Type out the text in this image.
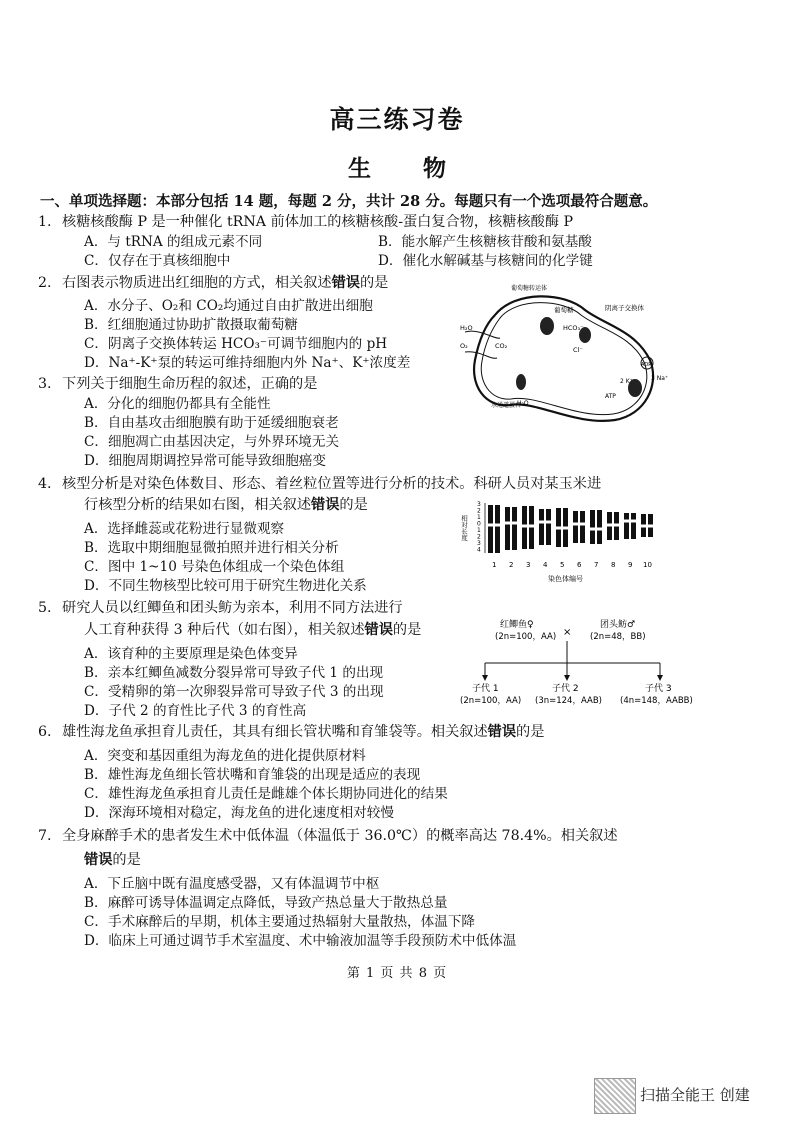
高三练习卷
生 物
一、单项选择题：本部分包括 14 题，每题 2 分，共计 28 分。每题只有一个选项最符合题意。
1. 核糖核酸酶 P 是一种催化 tRNA 前体加工的核糖核酸-蛋白复合物，核糖核酸酶 P
A．与 tRNA 的组成元素不同	B．能水解产生核糖核苷酸和氨基酸
C．仅存在于真核细胞中	D．催化水解碱基与核糖间的化学键
2. 右图表示物质进出红细胞的方式，相关叙述错误的是
A．水分子、O₂和 CO₂均通过自由扩散进出细胞
B．红细胞通过协助扩散摄取葡萄糖
C．阴离子交换体转运 HCO₃⁻可调节细胞内的 pH
D．Na⁺-K⁺泵的转运可维持细胞内外 Na⁺、K⁺浓度差
葡萄糖转运体
葡萄糖	阴离子交换体
H₂O
O₂	CO₂
HCO₃⁻
Cl⁻
ADP
ATP
3 Na⁺
2 K⁺
水通道蛋白
H₂O
3. 下列关于细胞生命历程的叙述，正确的是
A．分化的细胞仍都具有全能性
B．自由基攻击细胞膜有助于延缓细胞衰老
C．细胞凋亡由基因决定，与外界环境无关
D．细胞周期调控异常可能导致细胞癌变
4. 核型分析是对染色体数目、形态、着丝粒位置等进行分析的技术。科研人员对某玉米进
行核型分析的结果如右图，相关叙述错误的是
A．选择雌蕊或花粉进行显微观察
B．选取中期细胞显微拍照并进行相关分析
C．图中 1~10 号染色体组成一个染色体组
D．不同生物核型比较可用于研究生物进化关系
相对长度
3
2
1
0
1
2
3
4
1 2 3 4 5 6 7 8 9 10
染色体编号
5. 研究人员以红鲫鱼和团头鲂为亲本，利用不同方法进行
人工育种获得 3 种后代（如右图），相关叙述错误的是
A．该育种的主要原理是染色体变异
B．亲本红鲫鱼减数分裂异常可导致子代 1 的出现
C．受精卵的第一次卵裂异常可导致子代 3 的出现
D．子代 2 的育性比子代 3 的育性高
红鲫鱼♀
(2n=100，AA) ×
团头鲂♂
(2n=48，BB)
子代 1
(2n=100，AA)
子代 2
(3n=124，AAB)
子代 3
(4n=148，AABB)
6. 雄性海龙鱼承担育儿责任，其具有细长管状嘴和育雏袋等。相关叙述错误的是
A．突变和基因重组为海龙鱼的进化提供原材料
B．雄性海龙鱼细长管状嘴和育雏袋的出现是适应的表现
C．雄性海龙鱼承担育儿责任是雌雄个体长期协同进化的结果
D．深海环境相对稳定，海龙鱼的进化速度相对较慢
7. 全身麻醉手术的患者发生术中低体温（体温低于 36.0℃）的概率高达 78.4%。相关叙述
错误的是
A．下丘脑中既有温度感受器，又有体温调节中枢
B．麻醉可诱导体温调定点降低，导致产热总量大于散热总量
C．手术麻醉后的早期，机体主要通过热辐射大量散热，体温下降
D．临床上可通过调节手术室温度、术中输液加温等手段预防术中低体温
第 1 页 共 8 页
扫描全能王 创建
